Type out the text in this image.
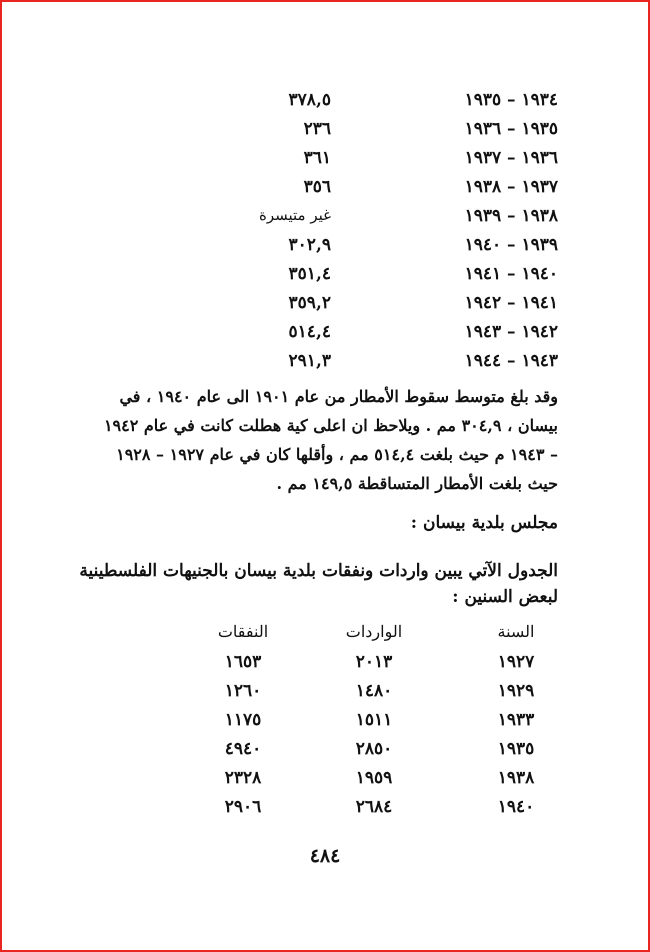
١٩٣٤ – ١٩٣٥
٣٧٨,٥
١٩٣٥ – ١٩٣٦
٢٣٦
١٩٣٦ – ١٩٣٧
٣٦١
١٩٣٧ – ١٩٣٨
٣٥٦
١٩٣٨ – ١٩٣٩
غير متيسرة
١٩٣٩ – ١٩٤٠
٣٠٢,٩
١٩٤٠ – ١٩٤١
٣٥١,٤
١٩٤١ – ١٩٤٢
٣٥٩,٢
١٩٤٢ – ١٩٤٣
٥١٤,٤
١٩٤٣ – ١٩٤٤
٢٩١,٣
وقد بلغ متوسط سقوط الأمطار من عام ١٩٠١ الى عام ١٩٤٠ ، في
بيسان ، ٣٠٤,٩ مم . ويلاحظ ان اعلى كية هطلت كانت في عام ١٩٤٢
– ١٩٤٣ م حيث بلغت ٥١٤,٤ مم ، وأقلها كان في عام ١٩٢٧ – ١٩٢٨
حيث بلغت الأمطار المتساقطة ١٤٩,٥ مم .
مجلس بلدية بيسان :
الجدول الآتي يبين واردات ونفقات بلدية بيسان بالجنيهات الفلسطينية
لبعض السنين :
السنة
الواردات
النفقات
١٩٢٧
٢٠١٣
١٦٥٣
١٩٢٩
١٤٨٠
١٢٦٠
١٩٣٣
١٥١١
١١٧٥
١٩٣٥
٢٨٥٠
٤٩٤٠
١٩٣٨
١٩٥٩
٢٣٢٨
١٩٤٠
٢٦٨٤
٢٩٠٦
٤٨٤
